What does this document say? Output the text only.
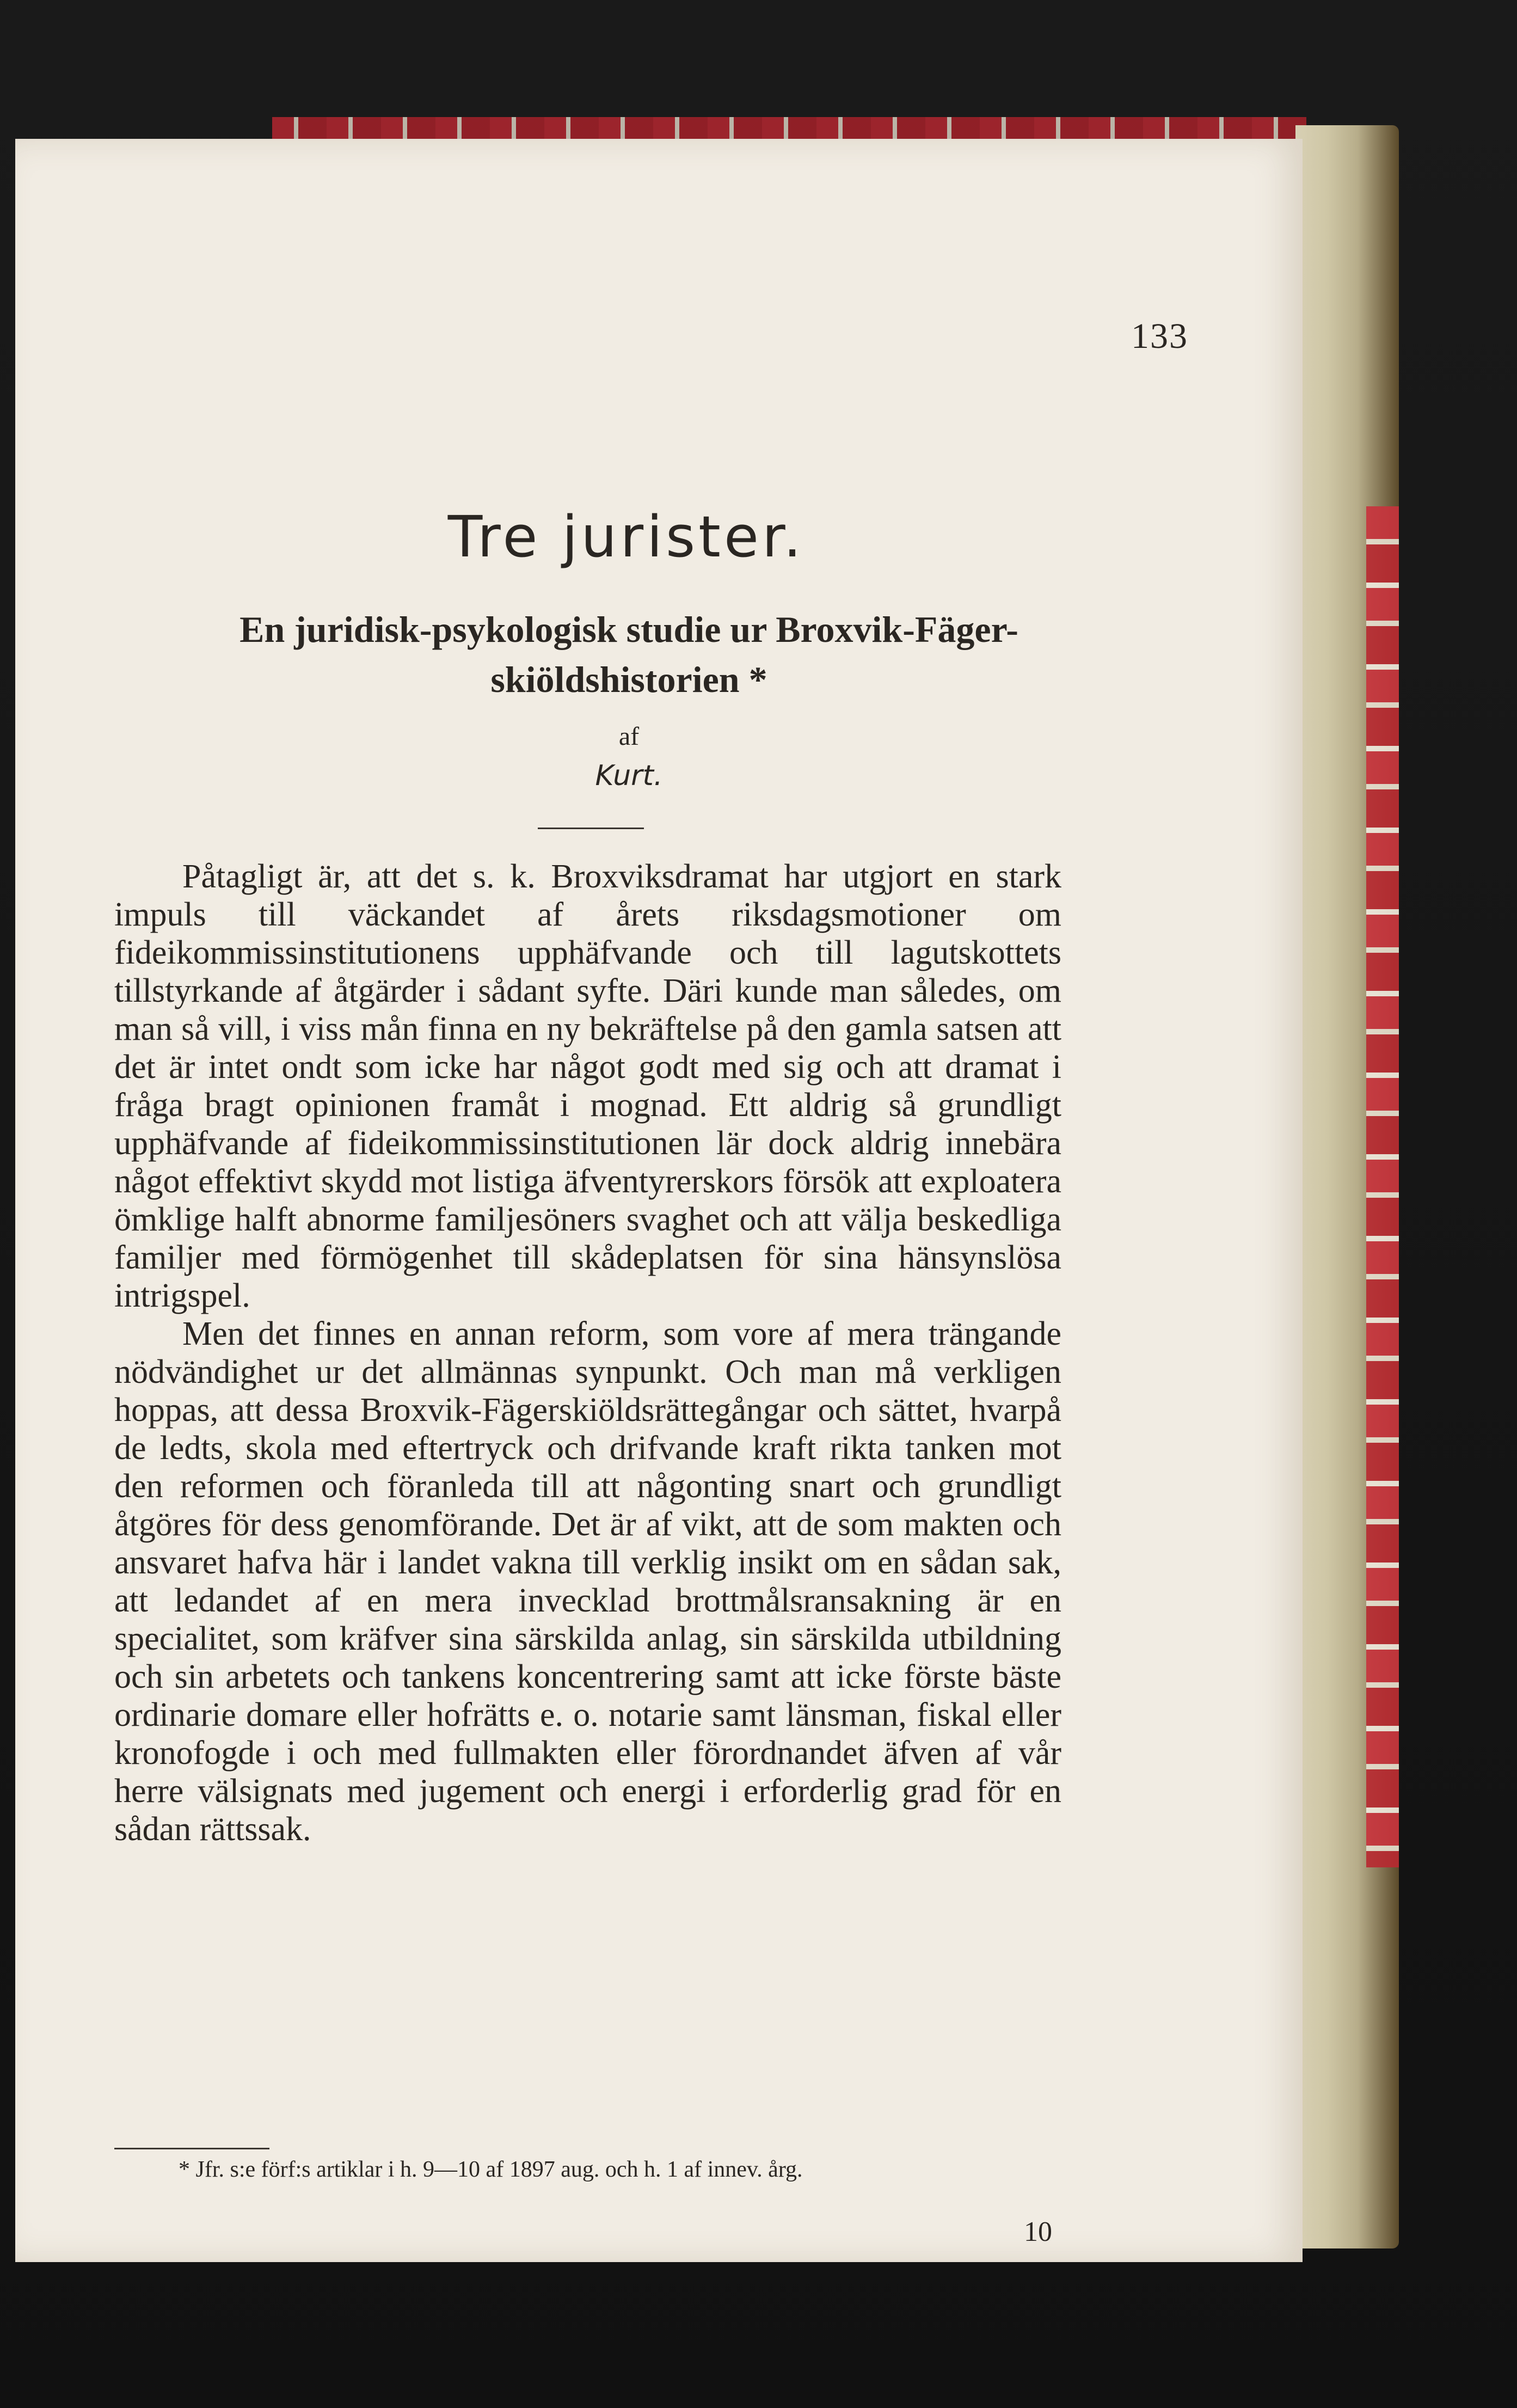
133
Tre jurister.
En juridisk-psykologisk studie ur Broxvik-Fäger-
skiöldshistorien *
af
Kurt.

Påtagligt är, att det s. k. Broxviksdramat har utgjort en stark impuls till väckandet af årets riksdagsmotioner om fideikommissinstitutionens upphäfvande och till lagutskottets tillstyrkande af åtgärder i sådant syfte. Däri kunde man således, om man så vill, i viss mån finna en ny bekräftelse på den gamla satsen att det är intet ondt som icke har något godt med sig och att dramat i fråga bragt opinionen framåt i mognad. Ett aldrig så grundligt upphäfvande af fideikommissinstitutionen lär dock aldrig innebära något effektivt skydd mot listiga äfventyrerskors försök att exploatera ömklige halft abnorme familjesöners svaghet och att välja beskedliga familjer med förmögenhet till skådeplatsen för sina hänsynslösa intrigspel.

Men det finnes en annan reform, som vore af mera trängande nödvändighet ur det allmännas synpunkt. Och man må verkligen hoppas, att dessa Broxvik-Fägerskiöldsrättegångar och sättet, hvarpå de ledts, skola med eftertryck och drifvande kraft rikta tanken mot den reformen och föranleda till att någonting snart och grundligt åtgöres för dess genomförande. Det är af vikt, att de som makten och ansvaret hafva här i landet vakna till verklig insikt om en sådan sak, att ledandet af en mera invecklad brottmålsransakning är en specialitet, som kräfver sina särskilda anlag, sin särskilda utbildning och sin arbetets och tankens koncentrering samt att icke förste bäste ordinarie domare eller hofrätts e. o. notarie samt länsman, fiskal eller kronofogde i och med fullmakten eller förordnandet äfven af vår herre välsignats med jugement och energi i erforderlig grad för en sådan rättssak.

* Jfr. s:e förf:s artiklar i h. 9—10 af 1897 aug. och h. 1 af innev. årg.
10
